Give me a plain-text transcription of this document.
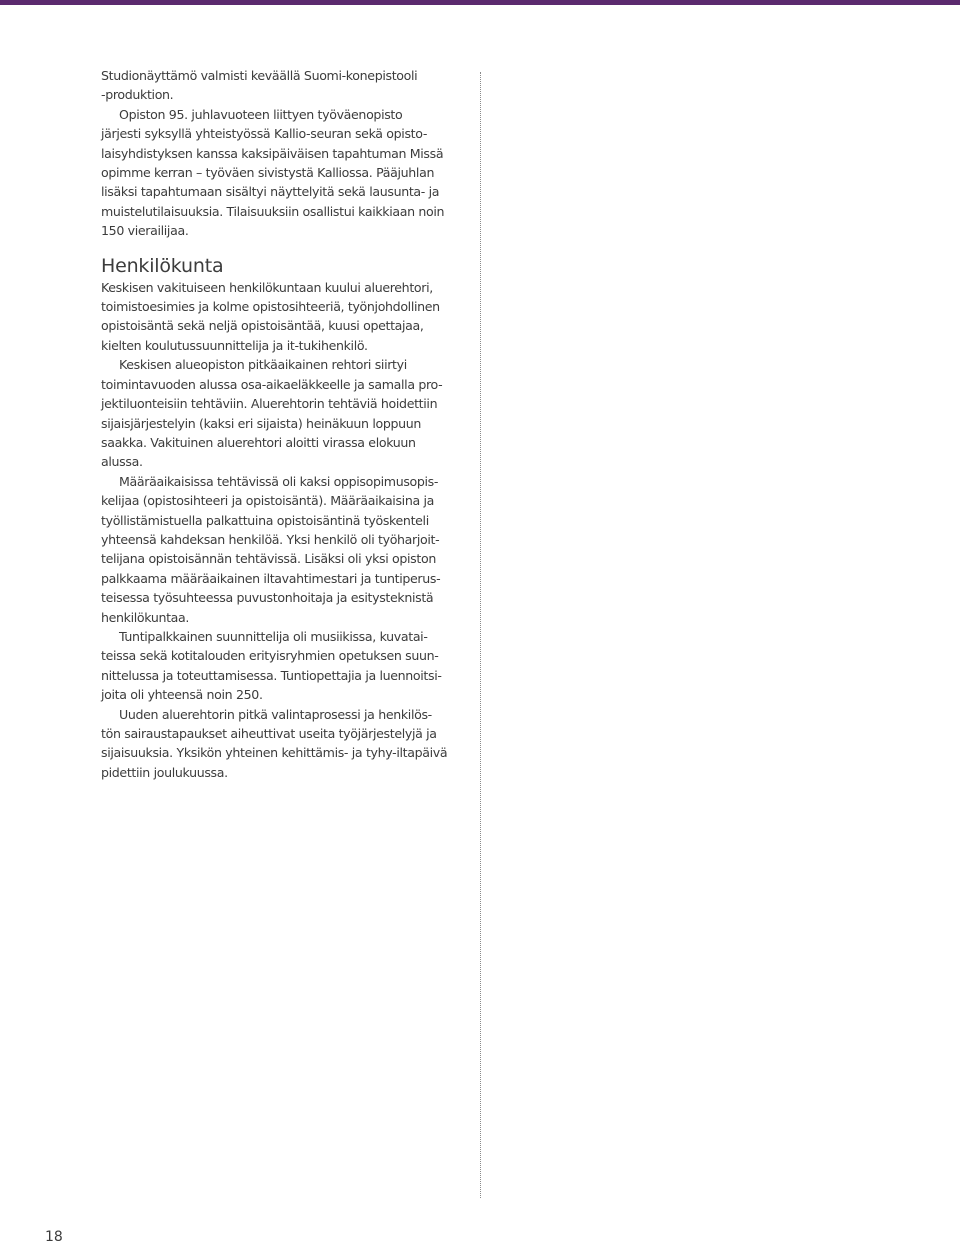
Studionäyttämö valmisti keväällä Suomi-konepistooli
-produktion.

Opiston 95. juhlavuoteen liittyen työväenopisto
järjesti syksyllä yhteistyössä Kallio-seuran sekä opisto-
laisyhdistyksen kanssa kaksipäiväisen tapahtuman Missä
opimme kerran – työväen sivistystä Kalliossa. Pääjuhlan
lisäksi tapahtumaan sisältyi näyttelyitä sekä lausunta- ja
muistelutilaisuuksia. Tilaisuuksiin osallistui kaikkiaan noin
150 vierailijaa.

Henkilökunta

Keskisen vakituiseen henkilökuntaan kuului aluerehtori,
toimistoesimies ja kolme opistosihteeriä, työnjohdollinen
opistoisäntä sekä neljä opistoisäntää, kuusi opettajaa,
kielten koulutussuunnittelija ja it-tukihenkilö.

Keskisen alueopiston pitkäaikainen rehtori siirtyi
toimintavuoden alussa osa-aikaeläkkeelle ja samalla pro-
jektiluonteisiin tehtäviin. Aluerehtorin tehtäviä hoidettiin
sijaisjärjestelyin (kaksi eri sijaista) heinäkuun loppuun
saakka. Vakituinen aluerehtori aloitti virassa elokuun
alussa.

Määräaikaisissa tehtävissä oli kaksi oppisopimusopis-
kelijaa (opistosihteeri ja opistoisäntä). Määräaikaisina ja
työllistämistuella palkattuina opistoisäntinä työskenteli
yhteensä kahdeksan henkilöä. Yksi henkilö oli työharjoit-
telijana opistoisännän tehtävissä. Lisäksi oli yksi opiston
palkkaama määräaikainen iltavahtimestari ja tuntiperus-
teisessa työsuhteessa puvustonhoitaja ja esitysteknistä
henkilökuntaa.

Tuntipalkkainen suunnittelija oli musiikissa, kuvatai-
teissa sekä kotitalouden erityisryhmien opetuksen suun-
nittelussa ja toteuttamisessa. Tuntiopettajia ja luennoitsi-
joita oli yhteensä noin 250.

Uuden aluerehtorin pitkä valintaprosessi ja henkilös-
tön sairaustapaukset aiheuttivat useita työjärjestelyjä ja
sijaisuuksia. Yksikön yhteinen kehittämis- ja tyhy-iltapäivä
pidettiin joulukuussa.

18
